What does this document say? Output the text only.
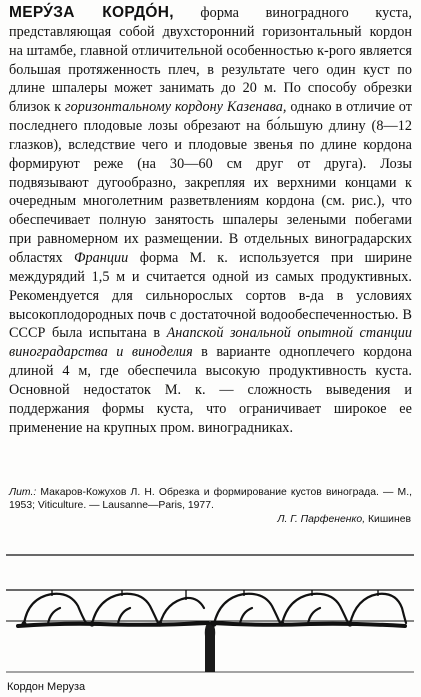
МЕРУ́ЗА КОРДО́Н, форма виноградного куста, представляющая собой двухсторонний горизонтальный кордон на штамбе, главной отличительной особенностью к-рого является большая протяженность плеч, в результате чего один куст по длине шпалеры может занимать до 20 м. По способу обрезки близок к горизонтальному кордону Казенава, однако в отличие от последнего плодовые лозы обрезают на бо́льшую длину (8—12 глазков), вследствие чего и плодовые звенья по длине кордона формируют реже (на 30—60 см друг от друга). Лозы подвязывают дугообразно, закрепляя их верхними концами к очередным многолетним разветвлениям кордона (см. рис.), что обеспечивает полную занятость шпалеры зелеными побегами при равномерном их размещении. В отдельных виноградарских областях Франции форма М. к. используется при ширине междурядий 1,5 м и считается одной из самых продуктивных. Рекомендуется для сильнорослых сортов в-да в условиях высокоплодородных почв с достаточной водообеспеченностью. В СССР была испытана в Анапской зональной опытной станции виноградарства и виноделия в варианте одноплечего кордона длиной 4 м, где обеспечила высокую продуктивность куста. Основной недостаток М. к. — сложность выведения и поддержания формы куста, что ограничивает широкое ее применение на крупных пром. виноградниках.

Лит.: Макаров-Кожухов Л. Н. Обрезка и формирование кустов винограда. — М., 1953; Viticulture. — Lausanne—Paris, 1977.
Л. Г. Парфененко, Кишинев
Кордон Меруза
